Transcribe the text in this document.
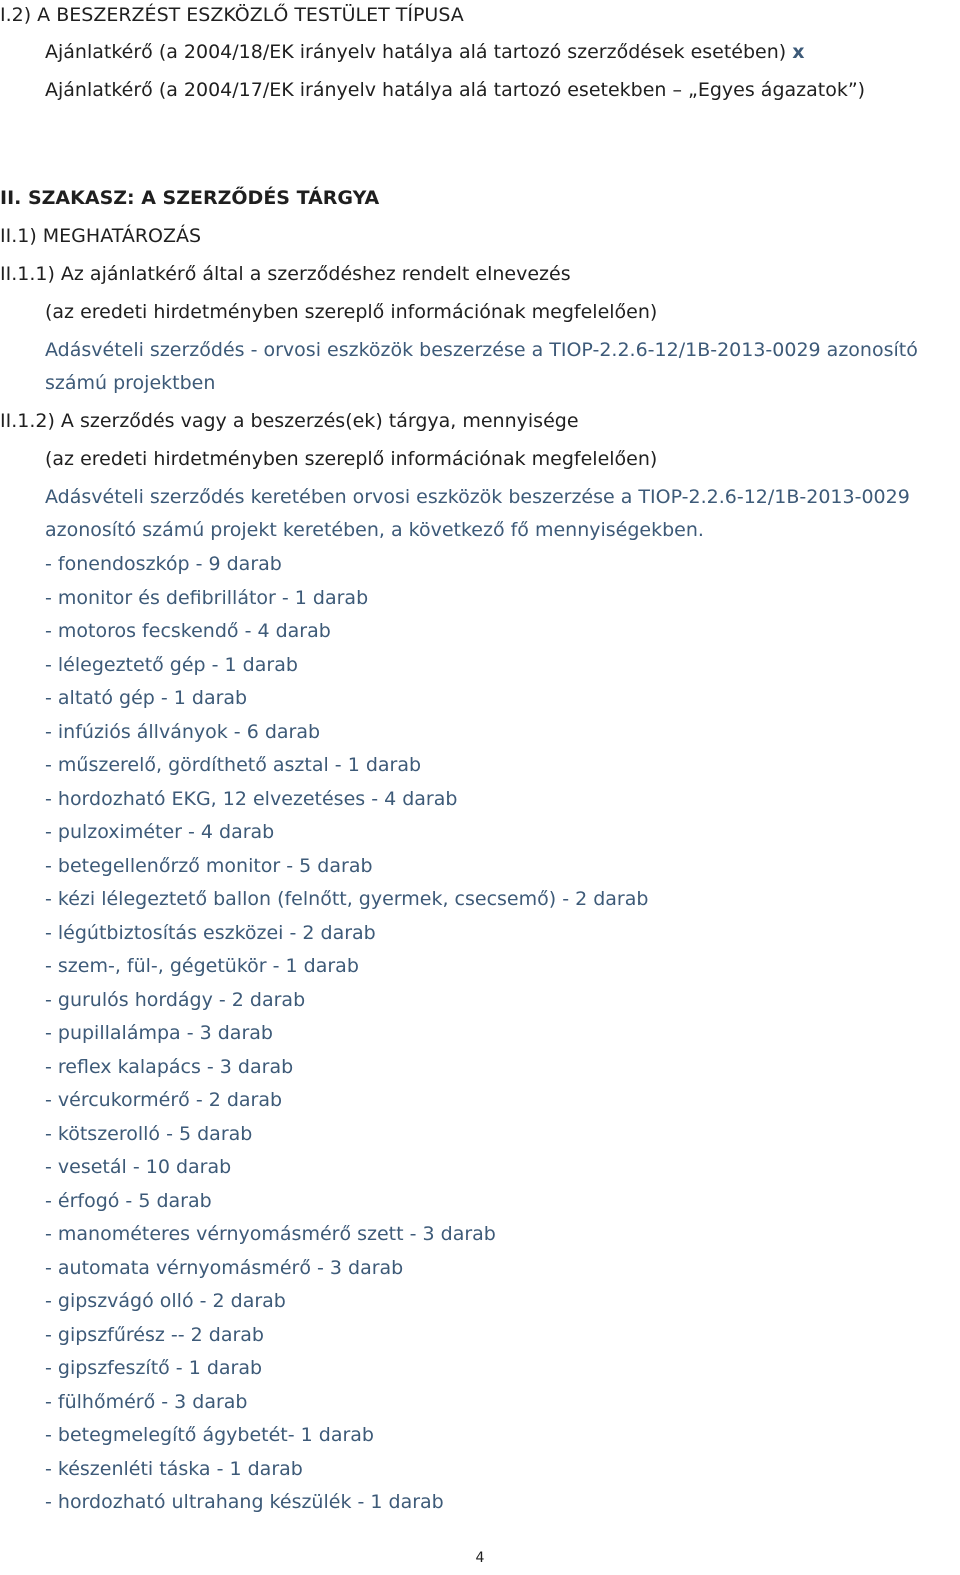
I.2) A BESZERZÉST ESZKÖZLŐ TESTÜLET TÍPUSA
Ajánlatkérő (a 2004/18/EK irányelv hatálya alá tartozó szerződések esetében) x
Ajánlatkérő (a 2004/17/EK irányelv hatálya alá tartozó esetekben – „Egyes ágazatok”)
II. SZAKASZ: A SZERZŐDÉS TÁRGYA
II.1) MEGHATÁROZÁS
II.1.1) Az ajánlatkérő által a szerződéshez rendelt elnevezés
(az eredeti hirdetményben szereplő információnak megfelelően)
Adásvételi szerződés - orvosi eszközök beszerzése a TIOP-2.2.6-12/1B-2013-0029 azonosító
számú projektben
II.1.2) A szerződés vagy a beszerzés(ek) tárgya, mennyisége
(az eredeti hirdetményben szereplő információnak megfelelően)
Adásvételi szerződés keretében orvosi eszközök beszerzése a TIOP-2.2.6-12/1B-2013-0029
azonosító számú projekt keretében, a következő fő mennyiségekben.
- fonendoszkóp - 9 darab
- monitor és defibrillátor - 1 darab
- motoros fecskendő - 4 darab
- lélegeztető gép - 1 darab
- altató gép - 1 darab
- infúziós állványok - 6 darab
- műszerelő, gördíthető asztal - 1 darab
- hordozható EKG, 12 elvezetéses - 4 darab
- pulzoximéter - 4 darab
- betegellenőrző monitor - 5 darab
- kézi lélegeztető ballon (felnőtt, gyermek, csecsemő) - 2 darab
- légútbiztosítás eszközei - 2 darab
- szem-, fül-, gégetükör - 1 darab
- gurulós hordágy - 2 darab
- pupillalámpa - 3 darab
- reflex kalapács - 3 darab
- vércukormérő - 2 darab
- kötszerolló - 5 darab
- vesetál - 10 darab
- érfogó - 5 darab
- manométeres vérnyomásmérő szett - 3 darab
- automata vérnyomásmérő - 3 darab
- gipszvágó olló - 2 darab
- gipszfűrész -- 2 darab
- gipszfeszítő - 1 darab
- fülhőmérő - 3 darab
- betegmelegítő ágybetét- 1 darab
- készenléti táska - 1 darab
- hordozható ultrahang készülék - 1 darab
4
